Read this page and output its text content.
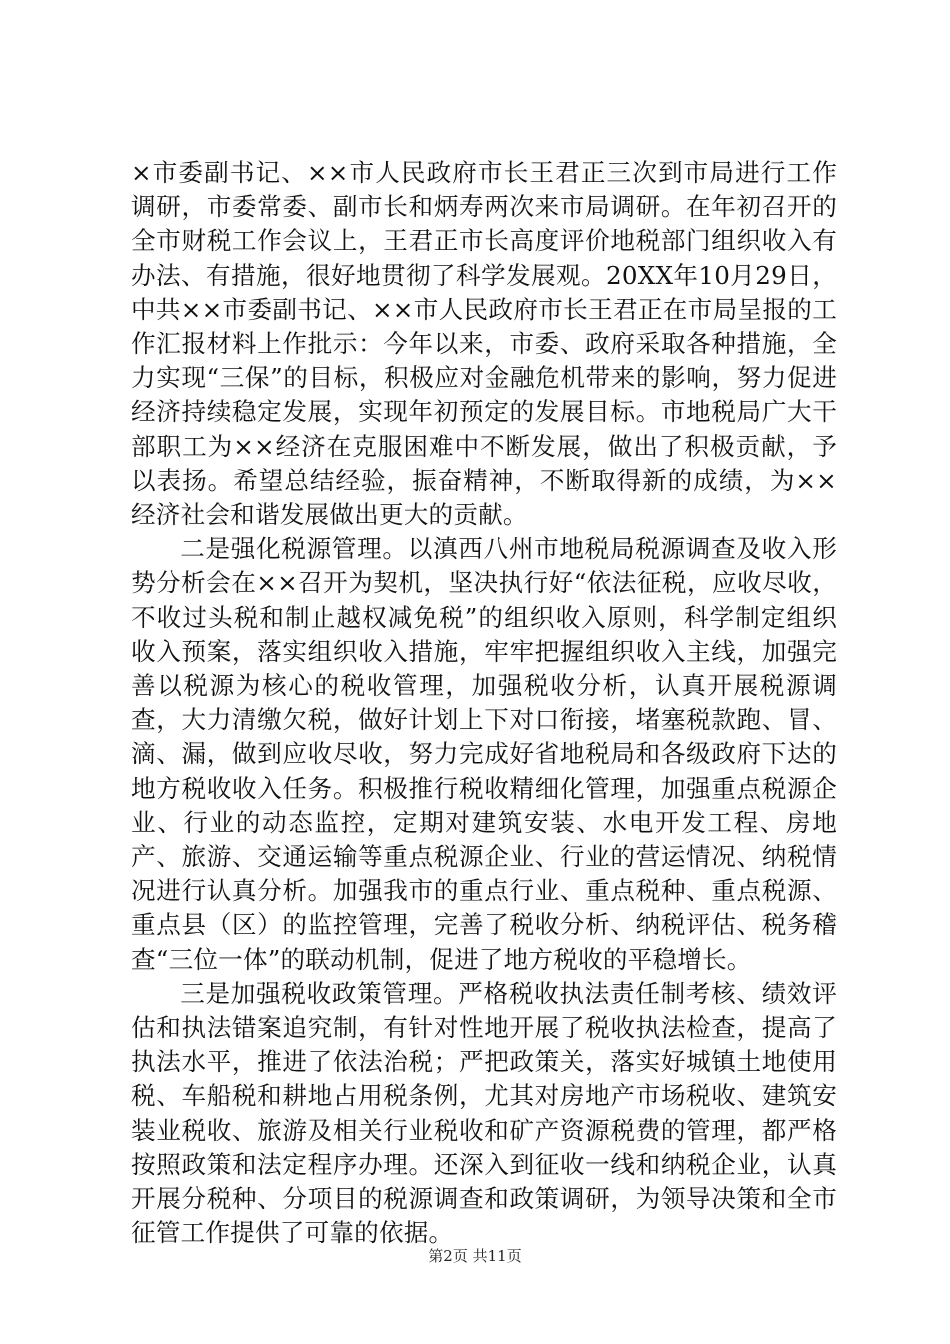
×市委副书记、××市人民政府市长王君正三次到市局进行工作调研，市委常委、副市长和炳寿两次来市局调研。在年初召开的全市财税工作会议上，王君正市长高度评价地税部门组织收入有办法、有措施，很好地贯彻了科学发展观。20XX年10月29日，中共××市委副书记、××市人民政府市长王君正在市局呈报的工作汇报材料上作批示：今年以来，市委、政府采取各种措施，全力实现“三保”的目标，积极应对金融危机带来的影响，努力促进经济持续稳定发展，实现年初预定的发展目标。市地税局广大干部职工为××经济在克服困难中不断发展，做出了积极贡献，予以表扬。希望总结经验，振奋精神，不断取得新的成绩，为××经济社会和谐发展做出更大的贡献。

二是强化税源管理。以滇西八州市地税局税源调查及收入形势分析会在××召开为契机，坚决执行好“依法征税，应收尽收，不收过头税和制止越权减免税”的组织收入原则，科学制定组织收入预案，落实组织收入措施，牢牢把握组织收入主线，加强完善以税源为核心的税收管理，加强税收分析，认真开展税源调查，大力清缴欠税，做好计划上下对口衔接，堵塞税款跑、冒、滴、漏，做到应收尽收，努力完成好省地税局和各级政府下达的地方税收收入任务。积极推行税收精细化管理，加强重点税源企业、行业的动态监控，定期对建筑安装、水电开发工程、房地产、旅游、交通运输等重点税源企业、行业的营运情况、纳税情况进行认真分析。加强我市的重点行业、重点税种、重点税源、重点县（区）的监控管理，完善了税收分析、纳税评估、税务稽查“三位一体”的联动机制，促进了地方税收的平稳增长。

三是加强税收政策管理。严格税收执法责任制考核、绩效评估和执法错案追究制，有针对性地开展了税收执法检查，提高了执法水平，推进了依法治税；严把政策关，落实好城镇土地使用税、车船税和耕地占用税条例，尤其对房地产市场税收、建筑安装业税收、旅游及相关行业税收和矿产资源税费的管理，都严格按照政策和法定程序办理。还深入到征收一线和纳税企业，认真开展分税种、分项目的税源调查和政策调研，为领导决策和全市征管工作提供了可靠的依据。

第2页 共11页
